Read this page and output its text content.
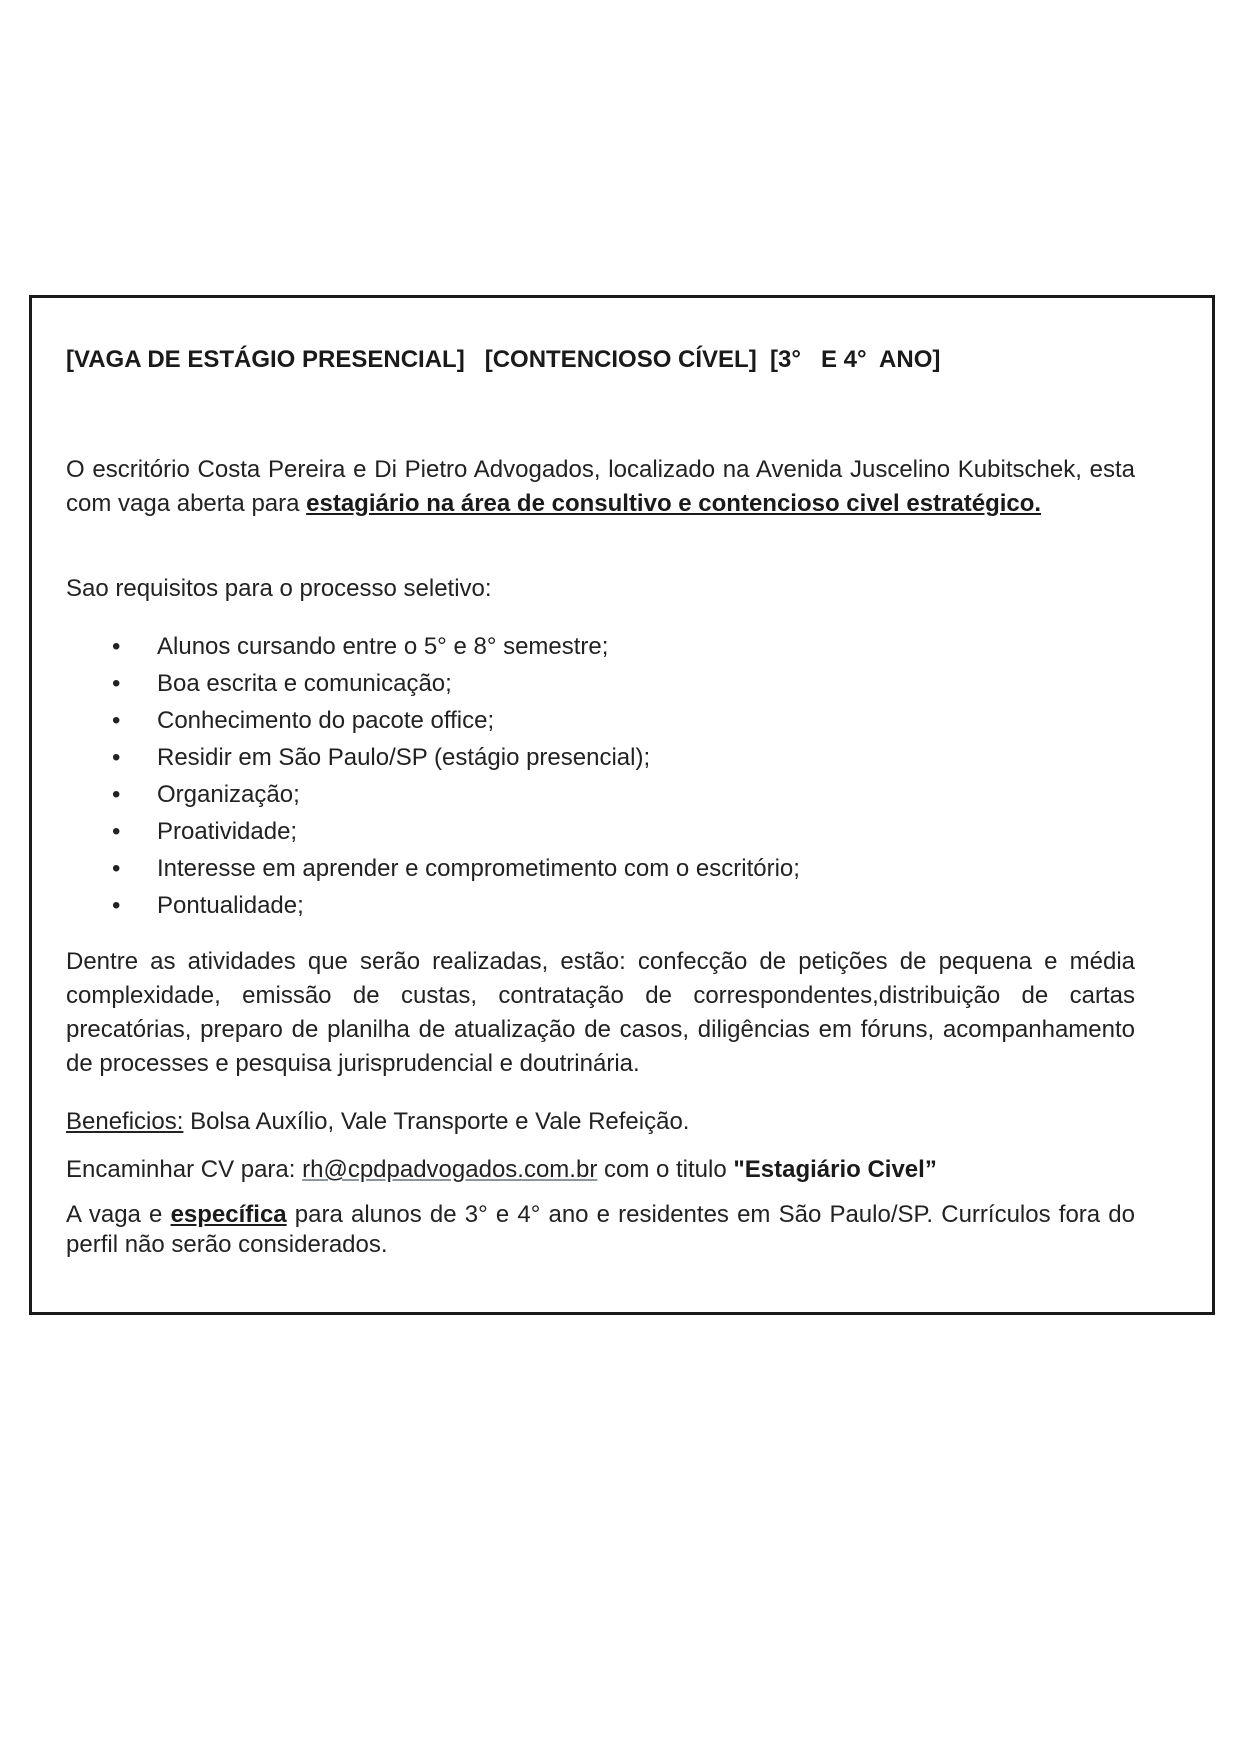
[VAGA DE ESTÁGIO PRESENCIAL]   [CONTENCIOSO CÍVEL]  [3°   E 4°  ANO]
O escritório Costa Pereira e Di Pietro Advogados, localizado na Avenida Juscelino Kubitschek, esta com vaga aberta para estagiário na área de consultivo e contencioso civel estratégico.
Sao requisitos para o processo seletivo:
• Alunos cursando entre o 5° e 8° semestre;
• Boa escrita e comunicação;
• Conhecimento do pacote office;
• Residir em São Paulo/SP (estágio presencial);
• Organização;
• Proatividade;
• Interesse em aprender e comprometimento com o escritório;
• Pontualidade;
Dentre as atividades que serão realizadas, estão: confecção de petições de pequena e média complexidade, emissão de custas, contratação de correspondentes,distribuição de cartas precatórias, preparo de planilha de atualização de casos, diligências em fóruns, acompanhamento de processes e pesquisa jurisprudencial e doutrinária.
Beneficios: Bolsa Auxílio, Vale Transporte e Vale Refeição.
Encaminhar CV para: rh@cpdpadvogados.com.br com o titulo "Estagiário Civel”
A vaga e específica para alunos de 3° e 4° ano e residentes em São Paulo/SP. Currículos fora do perfil não serão considerados.
